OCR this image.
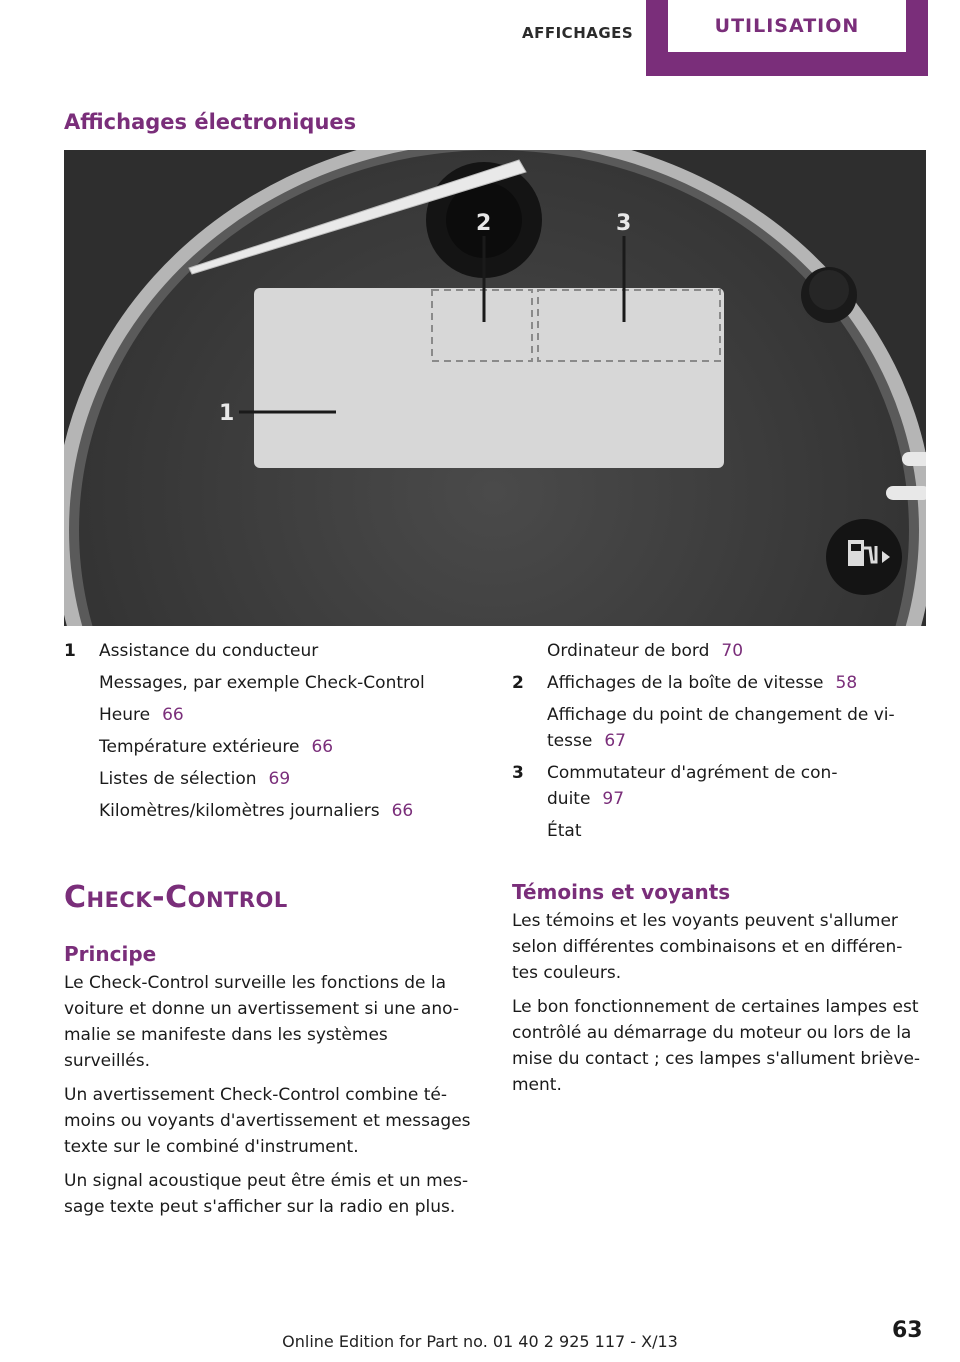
AFFICHAGES	UTILISATION
Affichages électroniques
1
2	3
1 Assistance du conducteur
Messages, par exemple Check-Control
Heure 66
Température extérieure 66
Listes de sélection 69
Kilomètres/kilomètres journaliers 66
Ordinateur de bord 70
2 Affichages de la boîte de vitesse 58
Affichage du point de changement de vi-
tesse 67
3 Commutateur d'agrément de con-
duite 97
État
Check-Control
Principe

Le Check-Control surveille les fonctions de la voiture et donne un avertissement si une ano-malie se manifeste dans les systèmes surveillés.

Un avertissement Check-Control combine té-moins ou voyants d'avertissement et messages texte sur le combiné d'instrument.

Un signal acoustique peut être émis et un mes-sage texte peut s'afficher sur la radio en plus.

Témoins et voyants

Les témoins et les voyants peuvent s'allumer selon différentes combinaisons et en différen-tes couleurs.

Le bon fonctionnement de certaines lampes est contrôlé au démarrage du moteur ou lors de la mise du contact ; ces lampes s'allument briève-ment.

Online Edition for Part no. 01 40 2 925 117 - X/13	63
